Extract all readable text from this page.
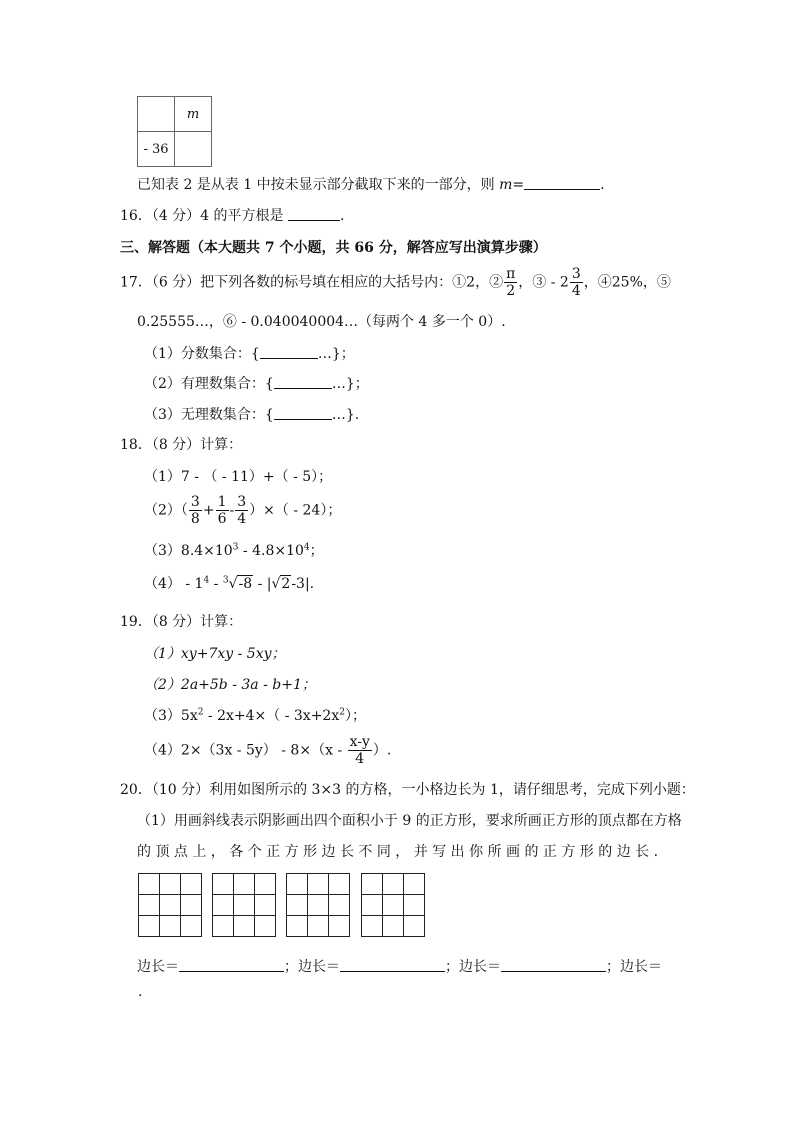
	m
- 36	
已知表 2 是从表 1 中按未显示部分截取下来的一部分，则 m=	.
16．（4 分）4 的平方根是	.
三、解答题（本大题共 7 个小题，共 66 分，解答应写出演算步骤）
17．（6 分）把下列各数的标号填在相应的大括号内：①2，② $\frac{\pi}{2}$ ，③ - $2 \frac{3}{4}$ ，④25%，⑤
0.25555…，⑥ - 0.040040004…（每两个 4 多一个 0）.
（1）分数集合：{	…}；
（2）有理数集合：{	…}；
（3）无理数集合：{	…}.
18．（8 分）计算：
（1）7 - （ - 11）+（ - 5）；
$(2)( \frac{3}{8} + \frac{1}{6} - \frac{3}{4}$ ）×（ - 24）；
$(3)8.4\times 10^3 - 4.8\times 10^4$；
$(4) - 1^4 - ^3√-8 - |√2-3|$.
19．（8 分）计算：
（1）xy+7xy - 5xy；
（2）2a+5b - 3a - b+1；
$(3)5x^2 - 2x+4\times( - 3x+2x^2)$；
$(4)2\times(3x - 5y) - 8\times(x - \frac{x-y}{4}$ ）.
20．（10 分）利用如图所示的 3×3 的方格，一小格边长为 1，请仔细思考，完成下列小题：
（1）用画斜线表示阴影画出四个面积小于 9 的正方形，要求所画正方形的顶点都在方格
的 顶 点 上 ， 各 个 正 方 形 边 长 不 同 ， 并 写 出 你 所 画 的 正 方 形 的 边 长 .
边长＝	；边长＝	；边长＝	；边长＝
.
